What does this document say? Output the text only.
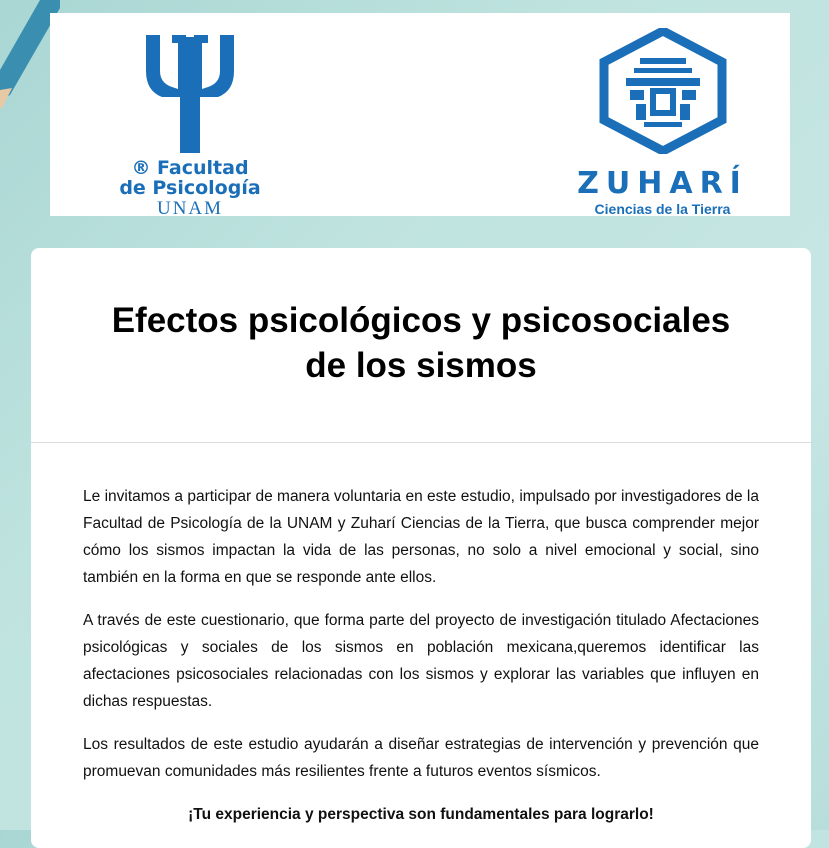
® Facultad
de Psicología
UNAM
ZUHARÍ
Ciencias de la Tierra
Efectos psicológicos y psicosociales
de los sismos

Le invitamos a participar de manera voluntaria en este estudio, impulsado por investigadores de la Facultad de Psicología de la UNAM y Zuharí Ciencias de la Tierra, que busca comprender mejor cómo los sismos impactan la vida de las personas, no solo a nivel emocional y social, sino también en la forma en que se responde ante ellos.

A través de este cuestionario, que forma parte del proyecto de investigación titulado Afectaciones psicológicas y sociales de los sismos en población mexicana,queremos identificar las afectaciones psicosociales relacionadas con los sismos y explorar las variables que influyen en dichas respuestas.

Los resultados de este estudio ayudarán a diseñar estrategias de intervención y prevención que promuevan comunidades más resilientes frente a futuros eventos sísmicos.

¡Tu experiencia y perspectiva son fundamentales para lograrlo!
